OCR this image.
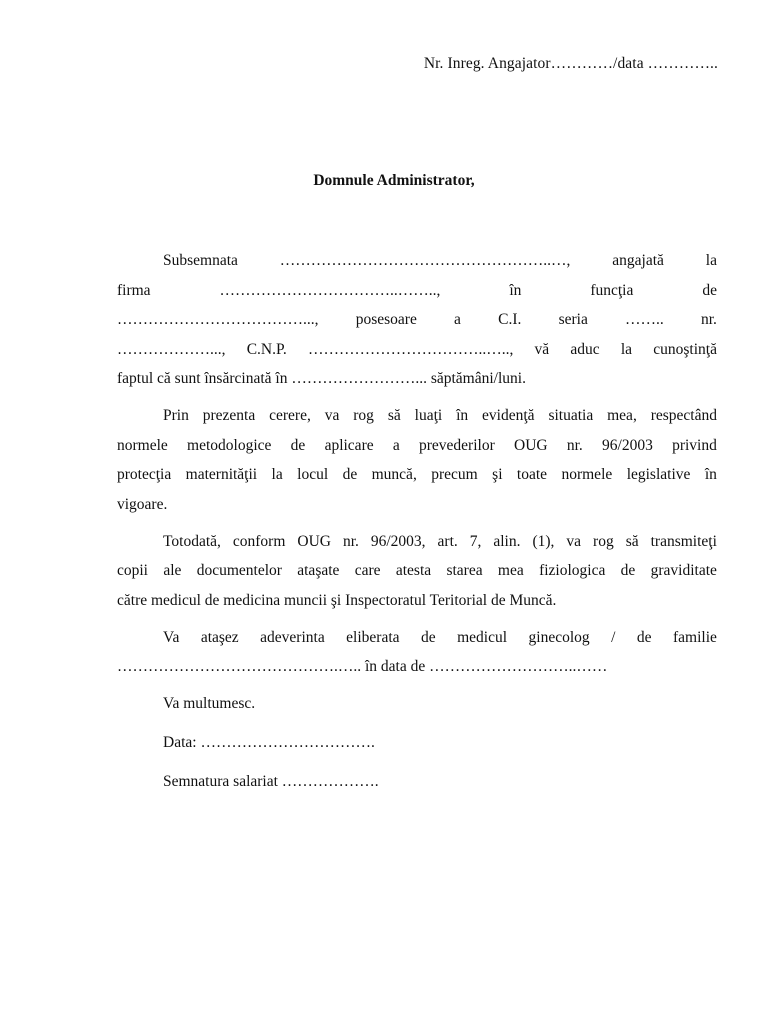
Nr. Inreg. Angajator…………/data …………..
Domnule Administrator,
Subsemnata	……………………………………………..…,	angajată	la
firma	……………………………..……..,	în	funcţia	de
………………………………..., posesoare a C.I. seria …….. nr.
………………..., C.N.P. ……………………………..….., vă aduc la cunoştinţă
faptul că sunt însărcinată în ……………………... săptămâni/luni.
Prin prezenta cerere, va rog să luaţi în evidenţă situatia mea, respectând
normele metodologice de aplicare a prevederilor OUG nr. 96/2003 privind
protecţia maternităţii la locul de muncă, precum şi toate normele legislative în
vigoare.
Totodată, conform OUG nr. 96/2003, art. 7, alin. (1), va rog să transmiteţi
copii ale documentelor ataşate care atesta starea mea fiziologica de graviditate
către medicul de medicina muncii şi Inspectoratul Teritorial de Muncă.
Va ataşez adeverinta eliberata de medicul ginecolog / de familie
…………………………………….….. în data de ………………………..……
Va multumesc.
Data: …………………………….
Semnatura salariat ……………….
